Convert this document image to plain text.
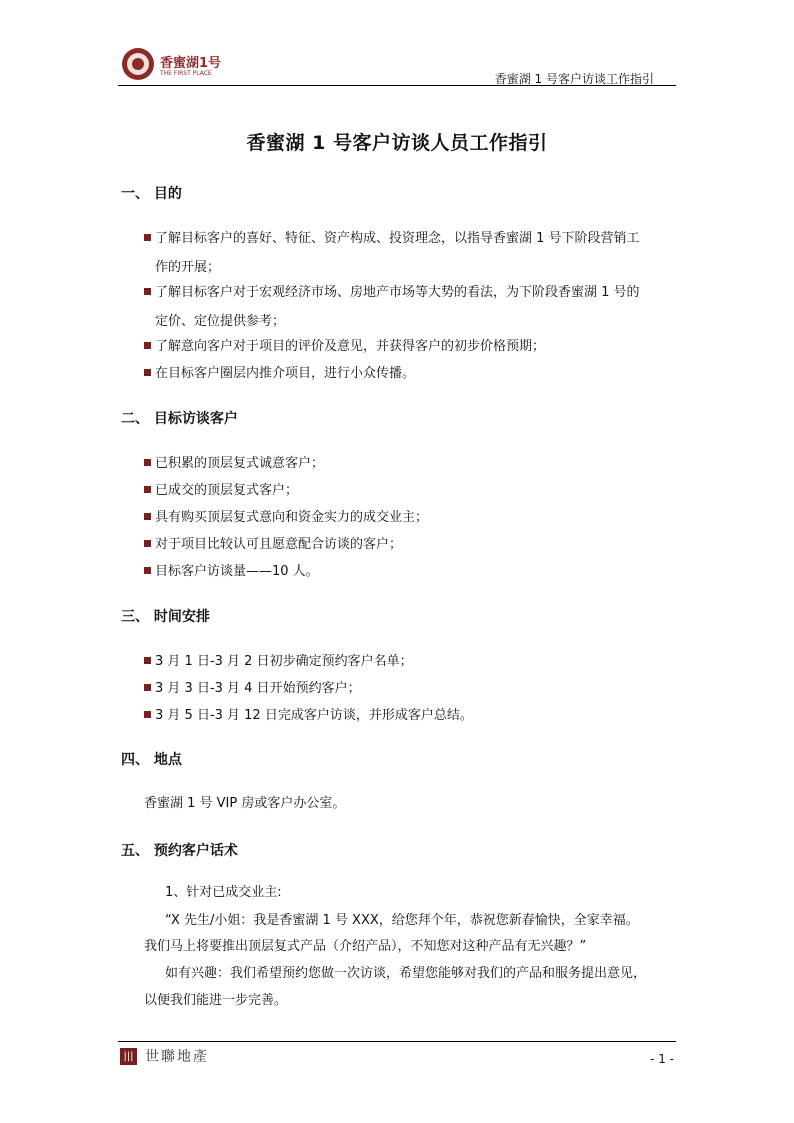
香蜜湖1号
THE FIRST PLACE	香蜜湖 1 号客户访谈工作指引
香蜜湖 1 号客户访谈人员工作指引
一、 目的
了解目标客户的喜好、特征、资产构成、投资理念，以指导香蜜湖 1 号下阶段营销工
作的开展；
了解目标客户对于宏观经济市场、房地产市场等大势的看法，为下阶段香蜜湖 1 号的
定价、定位提供参考；
了解意向客户对于项目的评价及意见，并获得客户的初步价格预期；
在目标客户圈层内推介项目，进行小众传播。
二、 目标访谈客户
已积累的顶层复式诚意客户；
已成交的顶层复式客户；
具有购买顶层复式意向和资金实力的成交业主；
对于项目比较认可且愿意配合访谈的客户；
目标客户访谈量——10 人。
三、 时间安排
3 月 1 日-3 月 2 日初步确定预约客户名单；
3 月 3 日-3 月 4 日开始预约客户；
3 月 5 日-3 月 12 日完成客户访谈，并形成客户总结。
四、 地点
香蜜湖 1 号 VIP 房或客户办公室。
五、 预约客户话术
1、针对已成交业主:
“X 先生/小姐：我是香蜜湖 1 号 XXX，给您拜个年，恭祝您新春愉快，全家幸福。
我们马上将要推出顶层复式产品（介绍产品），不知您对这种产品有无兴趣？”
如有兴趣：我们希望预约您做一次访谈，希望您能够对我们的产品和服务提出意见，
以便我们能进一步完善。
||| 世聯地產	- 1 -
